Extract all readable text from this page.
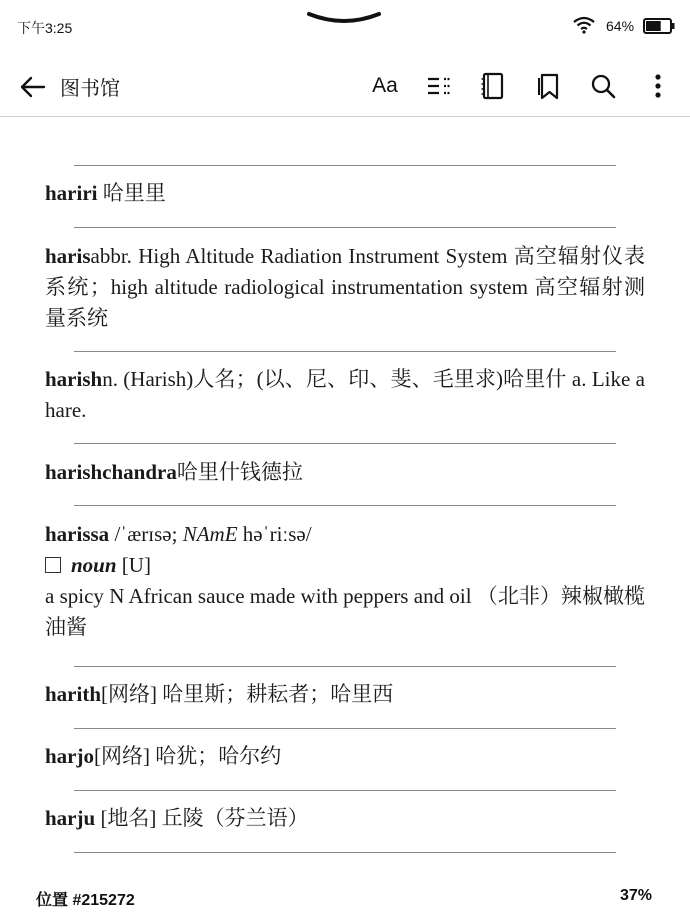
下午3:25	64%
图书馆	Aa
hariri 哈里里
harisabbr. High Altitude Radiation Instrument System 高空辐射仪表系统；high altitude radiological instrumentation system 高空辐射测量系统
harishn. (Harish)人名；(以、尼、印、斐、毛里求)哈里什 a. Like a hare.
harishchandra哈里什钱德拉
harissa /ˈærɪsə; NAmE həˈriːsə/
noun [U]
a spicy N African sauce made with peppers and oil （北非）辣椒橄榄油酱
harith[网络] 哈里斯；耕耘者；哈里西
harjo[网络] 哈犹；哈尔约
harju [地名] 丘陵（芬兰语）
位置 #215272	37%
